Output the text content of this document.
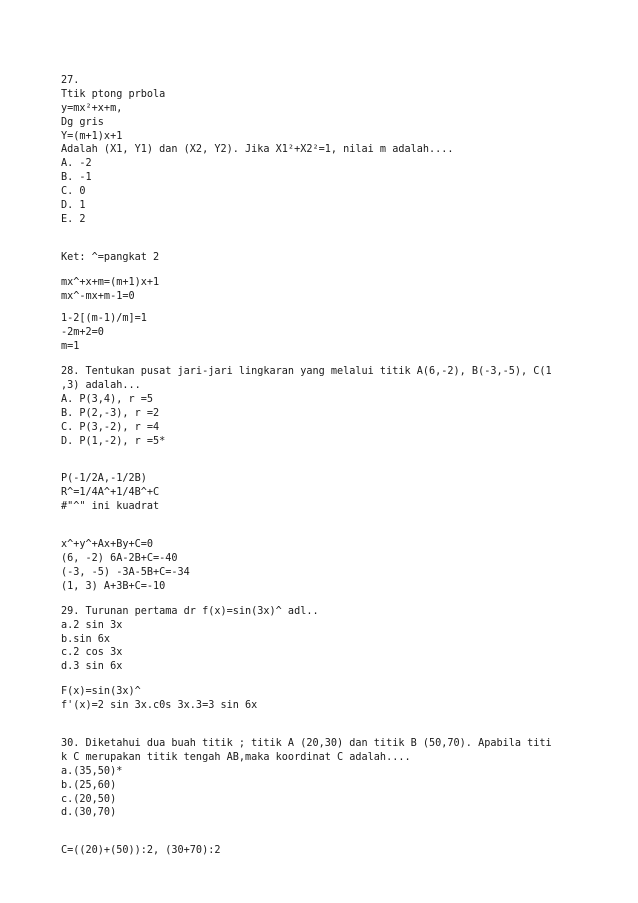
27.
Ttik ptong prbola
y=mx²+x+m,
Dg gris
Y=(m+1)x+1
Adalah (X1, Y1) dan (X2, Y2). Jika X1²+X2²=1, nilai m adalah....
A. -2
B. -1
C. 0
D. 1
E. 2
Ket: ^=pangkat 2
mx^+x+m=(m+1)x+1
mx^-mx+m-1=0
1-2[(m-1)/m]=1
-2m+2=0
m=1
28. Tentukan pusat jari-jari lingkaran yang melalui titik A(6,-2), B(-3,-5), C(1
,3) adalah...
A. P(3,4), r =5
B. P(2,-3), r =2
C. P(3,-2), r =4
D. P(1,-2), r =5*
P(-1/2A,-1/2B)
R^=1/4A^+1/4B^+C
#"^" ini kuadrat
x^+y^+Ax+By+C=0
(6, -2) 6A-2B+C=-40
(-3, -5) -3A-5B+C=-34
(1, 3) A+3B+C=-10
29. Turunan pertama dr f(x)=sin(3x)^ adl..
a.2 sin 3x
b.sin 6x
c.2 cos 3x
d.3 sin 6x
F(x)=sin(3x)^
f'(x)=2 sin 3x.c0s 3x.3=3 sin 6x
30. Diketahui dua buah titik ; titik A (20,30) dan titik B (50,70). Apabila titi
k C merupakan titik tengah AB,maka koordinat C adalah....
a.(35,50)*
b.(25,60)
c.(20,50)
d.(30,70)
C=((20)+(50)):2, (30+70):2
